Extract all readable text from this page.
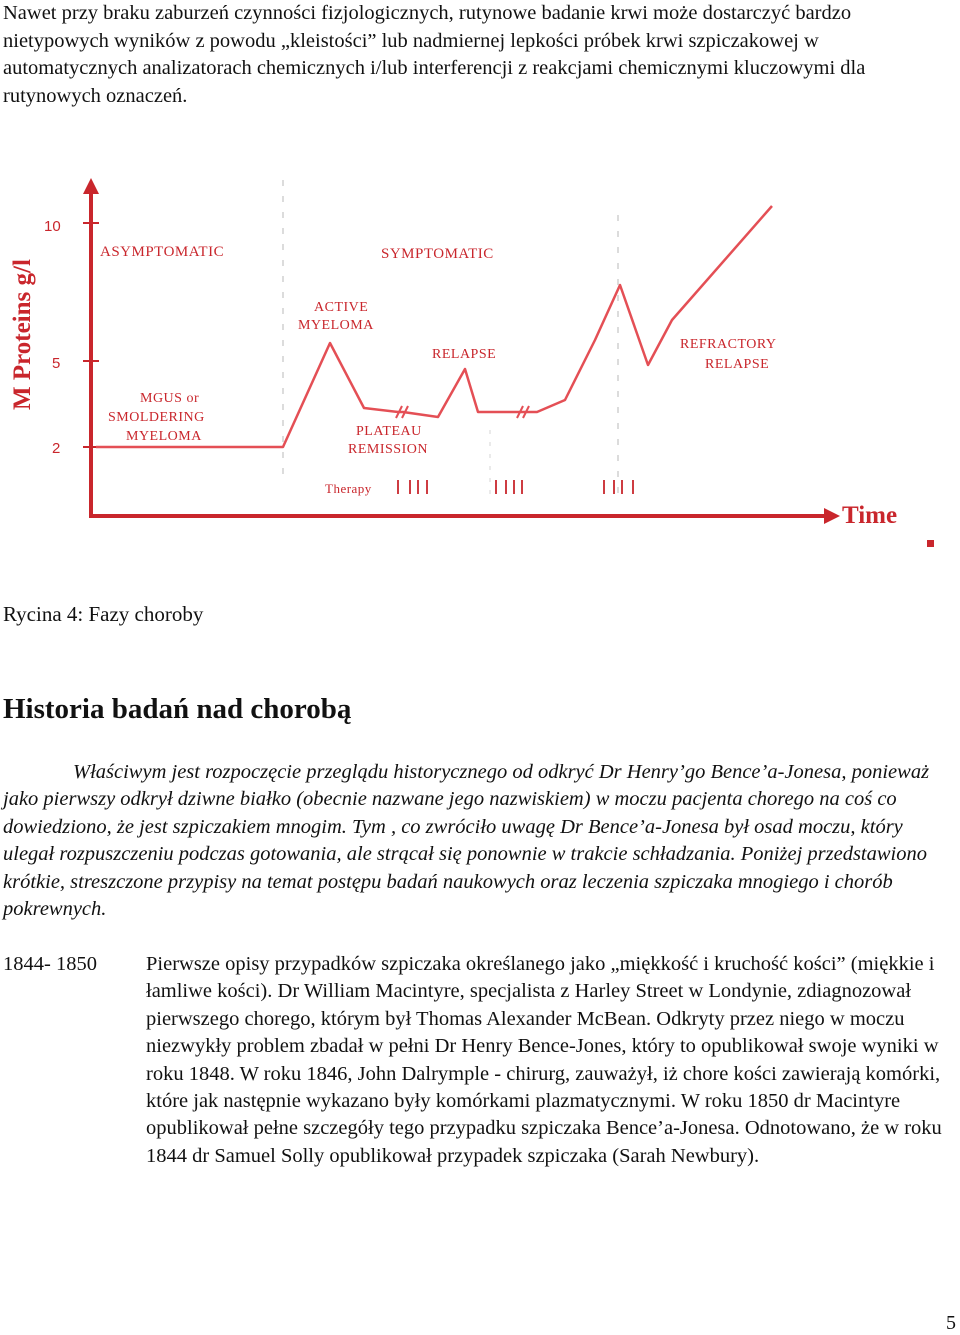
Nawet przy braku zaburzeń czynności fizjologicznych, rutynowe badanie krwi może dostarczyć bardzo nietypowych wyników z powodu „kleistości” lub nadmiernej lepkości próbek krwi szpiczakowej w automatycznych analizatorach chemicznych i/lub interferencji z reakcjami chemicznymi kluczowymi dla rutynowych oznaczeń.
10
5
2
M Proteins g/l
Time
ASYMPTOMATIC	SYMPTOMATIC
MGUS or
SMOLDERING
MYELOMA
ACTIVE
MYELOMA
PLATEAU
REMISSION
RELAPSE
REFRACTORY
RELAPSE
Therapy
Rycina 4: Fazy choroby
Historia badań nad chorobą
Właściwym jest rozpoczęcie przeglądu historycznego od odkryć Dr Henry’go Bence’a-Jonesa, ponieważ jako pierwszy odkrył dziwne białko (obecnie nazwane jego nazwiskiem) w moczu pacjenta chorego na coś co dowiedziono, że jest szpiczakiem mnogim. Tym , co zwróciło uwagę Dr Bence’a-Jonesa był osad moczu, który ulegał rozpuszczeniu podczas gotowania, ale strącał się ponownie w trakcie schładzania. Poniżej przedstawiono krótkie, streszczone przypisy na temat postępu badań naukowych oraz leczenia szpiczaka mnogiego i chorób pokrewnych.
1844- 1850	Pierwsze opisy przypadków szpiczaka określanego jako „miękkość i kruchość kości” (miękkie i łamliwe kości). Dr William Macintyre, specjalista z Harley Street w Londynie, zdiagnozował pierwszego chorego, którym był Thomas Alexander McBean. Odkryty przez niego w moczu niezwykły problem zbadał w pełni Dr Henry Bence-Jones, który to opublikował swoje wyniki w roku 1848. W roku 1846, John Dalrymple - chirurg, zauważył, iż chore kości zawierają komórki, które jak następnie wykazano były komórkami plazmatycznymi. W roku 1850 dr Macintyre opublikował pełne szczegóły tego przypadku szpiczaka Bence’a-Jonesa. Odnotowano, że w roku 1844 dr Samuel Solly opublikował przypadek szpiczaka (Sarah Newbury).
5
